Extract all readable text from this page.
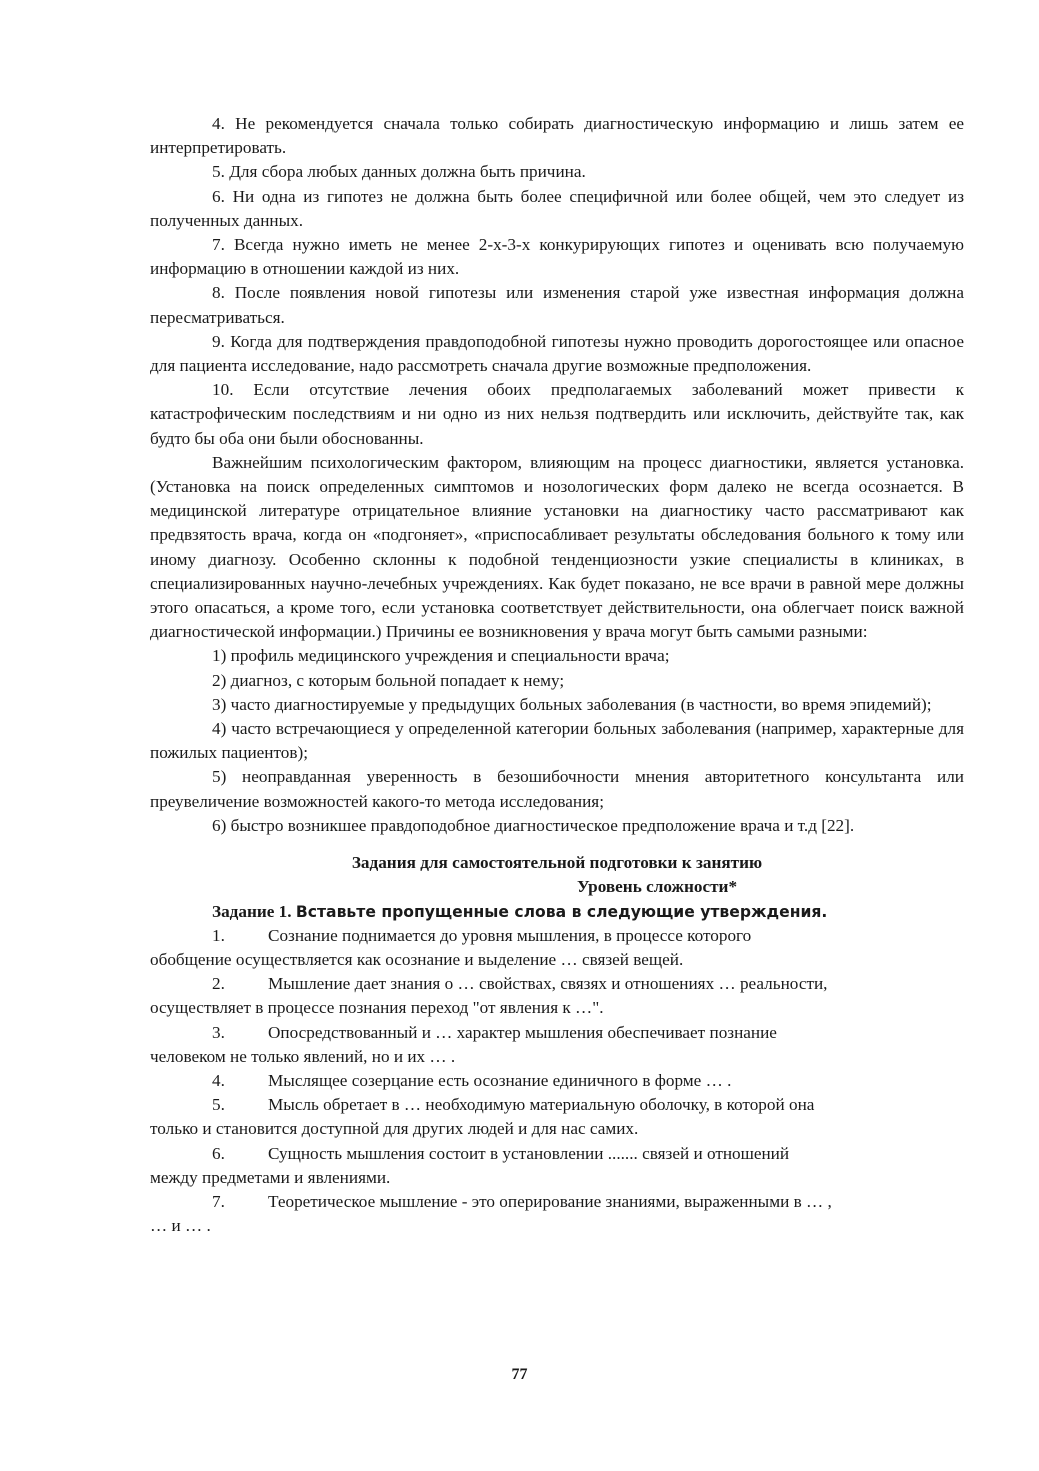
4. Не рекомендуется сначала только собирать диагностическую информацию и лишь затем ее интерпретировать.

5. Для сбора любых данных должна быть причина.

6. Ни одна из гипотез не должна быть более специфичной или более общей, чем это следует из полученных данных.

7. Всегда нужно иметь не менее 2-х-3-х конкурирующих гипотез и оценивать всю получаемую информацию в отношении каждой из них.

8. После появления новой гипотезы или изменения старой уже известная информация должна пересматриваться.

9. Когда для подтверждения правдоподобной гипотезы нужно проводить дорогостоящее или опасное для пациента исследование, надо рассмотреть сначала другие возможные предположения.

10. Если отсутствие лечения обоих предполагаемых заболеваний может привести к катастрофическим последствиям и ни одно из них нельзя подтвердить или исключить, действуйте так, как будто бы оба они были обоснованны.

Важнейшим психологическим фактором, влияющим на процесс диагностики, является установка. (Установка на поиск определенных симптомов и нозологических форм далеко не всегда осознается. В медицинской литературе отрицательное влияние установки на диагностику часто рассматривают как предвзятость врача, когда он «подгоняет», «приспосабливает результаты обследования больного к тому или иному диагнозу. Особенно склонны к подобной тенденциозности узкие специалисты в клиниках, в специализированных научно-лечебных учреждениях. Как будет показано, не все врачи в равной мере должны этого опасаться, а кроме того, если установка соответствует действительности, она облегчает поиск важной диагностической информации.) Причины ее возникновения у врача могут быть самыми разными:

1) профиль медицинского учреждения и специальности врача;

2) диагноз, с которым больной попадает к нему;

3) часто диагностируемые у предыдущих больных заболевания (в частности, во время эпидемий);

4) часто встречающиеся у определенной категории больных заболевания (например, характерные для пожилых пациентов);

5) неоправданная уверенность в безошибочности мнения авторитетного консультанта или преувеличение возможностей какого-то метода исследования;

6) быстро возникшее правдоподобное диагностическое предположение врача и т.д [22].

Задания для самостоятельной подготовки к занятию

Уровень сложности*

Задание 1. Вставьте пропущенные слова в следующие утверждения.

1.	Сознание поднимается до уровня мышления, в процессе которого

обобщение осуществляется как осознание и выделение … связей вещей.

2.	Мышление дает знания о … свойствах, связях и отношениях … реальности,

осуществляет в процессе познания переход "от явления к …".

3.	Опосредствованный и … характер мышления обеспечивает познание

человеком не только явлений, но и их … .

4.	Мыслящее созерцание есть осознание единичного в форме … .
5.	Мысль обретает в … необходимую материальную оболочку, в которой она

только и становится доступной для других людей и для нас самих.

6.	Сущность мышления состоит в установлении ....... связей и отношений

между предметами и явлениями.

7.	Теоретическое мышление - это оперирование знаниями, выраженными в … ,

… и … .

77
